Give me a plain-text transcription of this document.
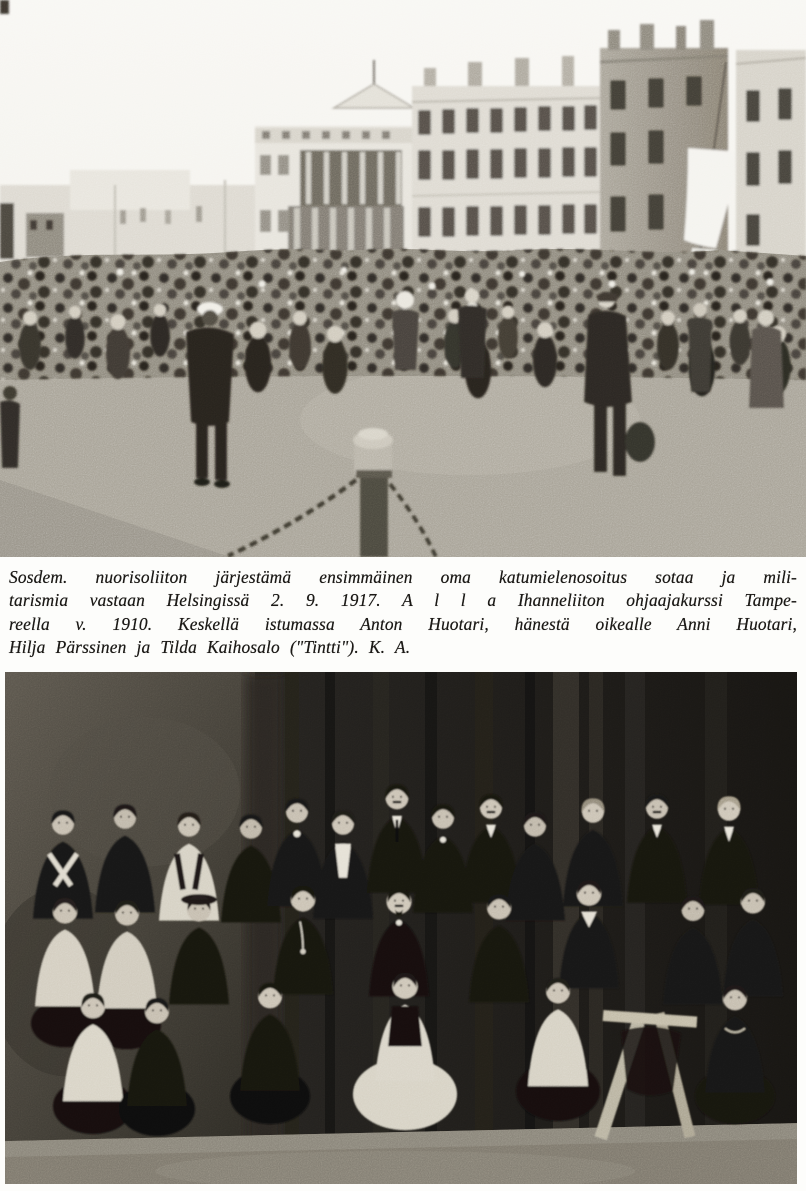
Sosdem. nuorisoliiton järjestämä ensimmäinen oma katumielenosoitus sotaa ja mili-

tarismia vastaan Helsingissä 2. 9. 1917. A l l a Ihanneliiton ohjaajakurssi Tampe-

reella v. 1910. Keskellä istumassa Anton Huotari, hänestä oikealle Anni Huotari,

Hilja Pärssinen ja Tilda Kaihosalo ("Tintti"). K. A.
